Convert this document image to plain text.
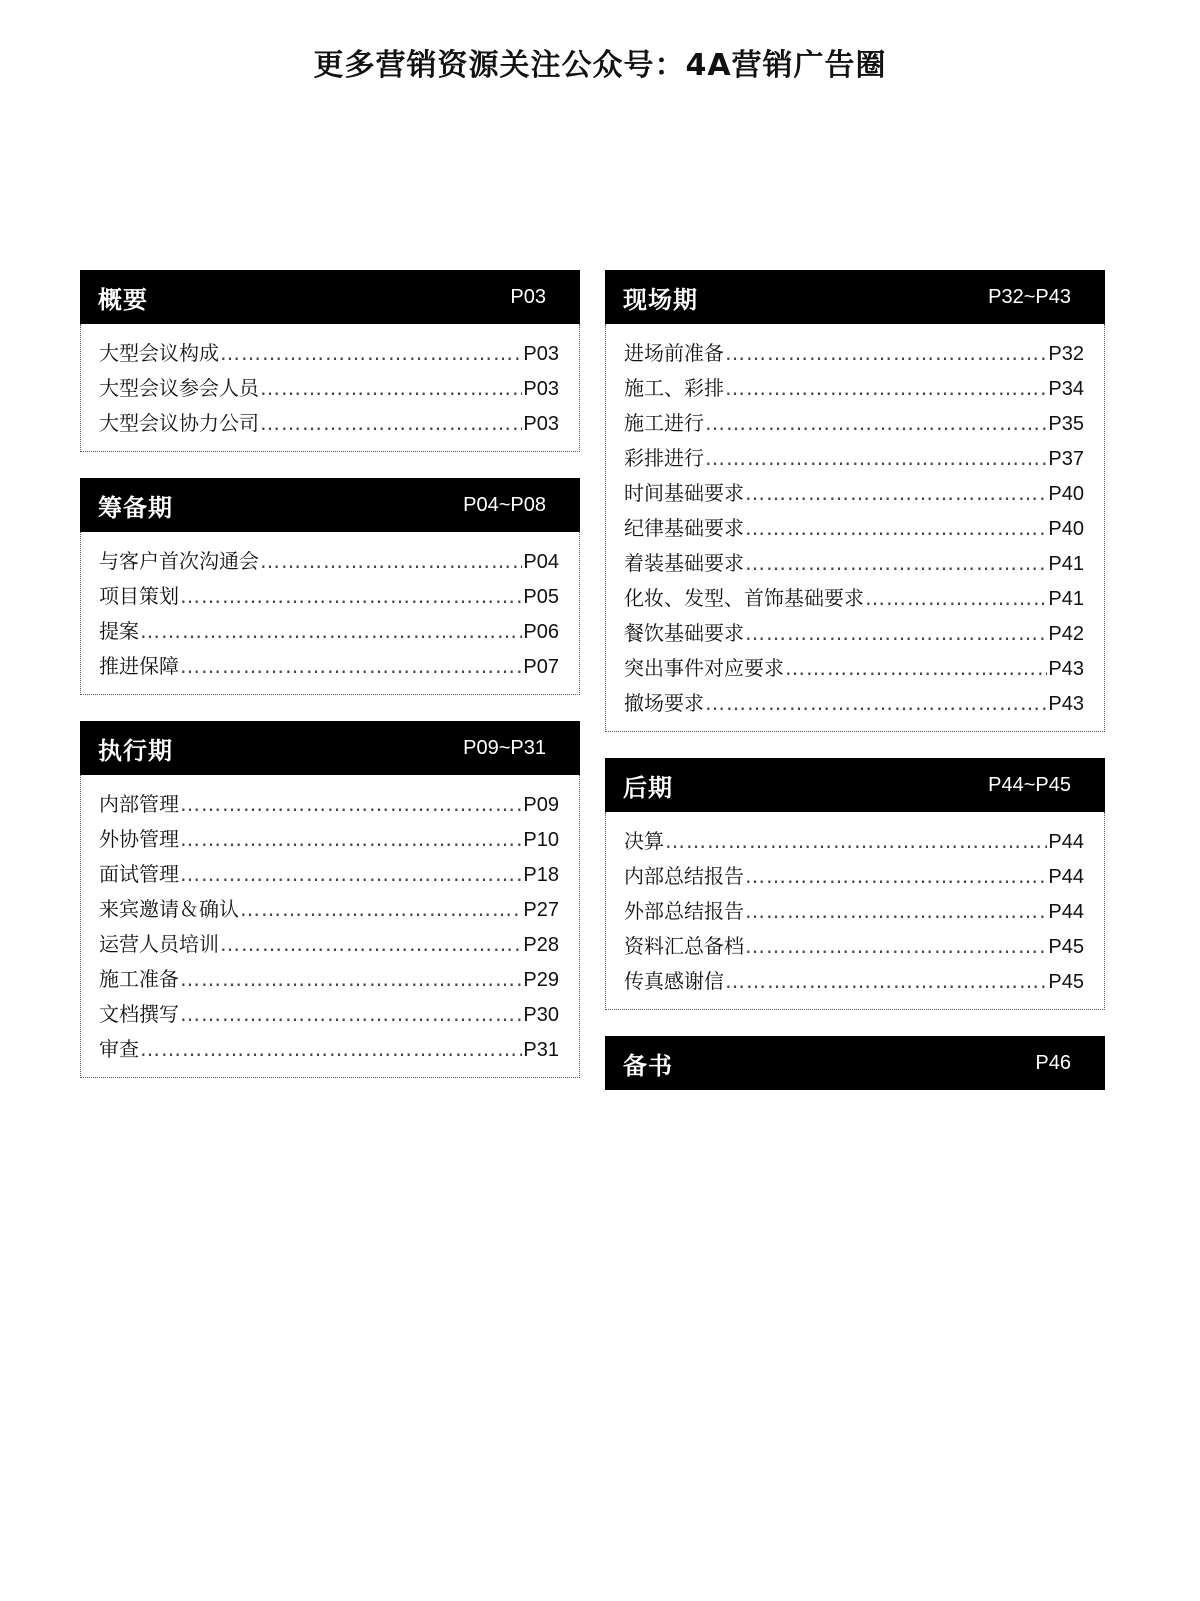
更多营销资源关注公众号：4A营销广告圈
概要	P03
大型会议构成 ………………………………………………………………………………………………………………………………………………	P03
大型会议参会人员 ………………………………………………………………………………………………………………………………………………	P03
大型会议协力公司 ………………………………………………………………………………………………………………………………………………	P03
筹备期	P04~P08
与客户首次沟通会 ………………………………………………………………………………………………………………………………………………	P04
项目策划 ………………………………………………………………………………………………………………………………………………	P05
提案 ………………………………………………………………………………………………………………………………………………	P06
推进保障 ………………………………………………………………………………………………………………………………………………	P07
执行期	P09~P31
内部管理 ………………………………………………………………………………………………………………………………………………	P09
外协管理 ………………………………………………………………………………………………………………………………………………	P10
面试管理 ………………………………………………………………………………………………………………………………………………	P18
来宾邀请＆确认 ………………………………………………………………………………………………………………………………………………	P27
运营人员培训 ………………………………………………………………………………………………………………………………………………	P28
施工准备 ………………………………………………………………………………………………………………………………………………	P29
文档撰写 ………………………………………………………………………………………………………………………………………………	P30
审查 ………………………………………………………………………………………………………………………………………………	P31
现场期	P32~P43
进场前准备 ………………………………………………………………………………………………………………………………………………	P32
施工、彩排 ………………………………………………………………………………………………………………………………………………	P34
施工进行 ………………………………………………………………………………………………………………………………………………	P35
彩排进行 ………………………………………………………………………………………………………………………………………………	P37
时间基础要求 ………………………………………………………………………………………………………………………………………………	P40
纪律基础要求 ………………………………………………………………………………………………………………………………………………	P40
着装基础要求 ………………………………………………………………………………………………………………………………………………	P41
化妆、发型、首饰基础要求 ………………………………………………………………………………………………………………………………………………	P41
餐饮基础要求 ………………………………………………………………………………………………………………………………………………	P42
突出事件对应要求 ………………………………………………………………………………………………………………………………………………	P43
撤场要求 ………………………………………………………………………………………………………………………………………………	P43
后期	P44~P45
决算 ………………………………………………………………………………………………………………………………………………	P44
内部总结报告 ………………………………………………………………………………………………………………………………………………	P44
外部总结报告 ………………………………………………………………………………………………………………………………………………	P44
资料汇总备档 ………………………………………………………………………………………………………………………………………………	P45
传真感谢信 ………………………………………………………………………………………………………………………………………………	P45
备书	P46
